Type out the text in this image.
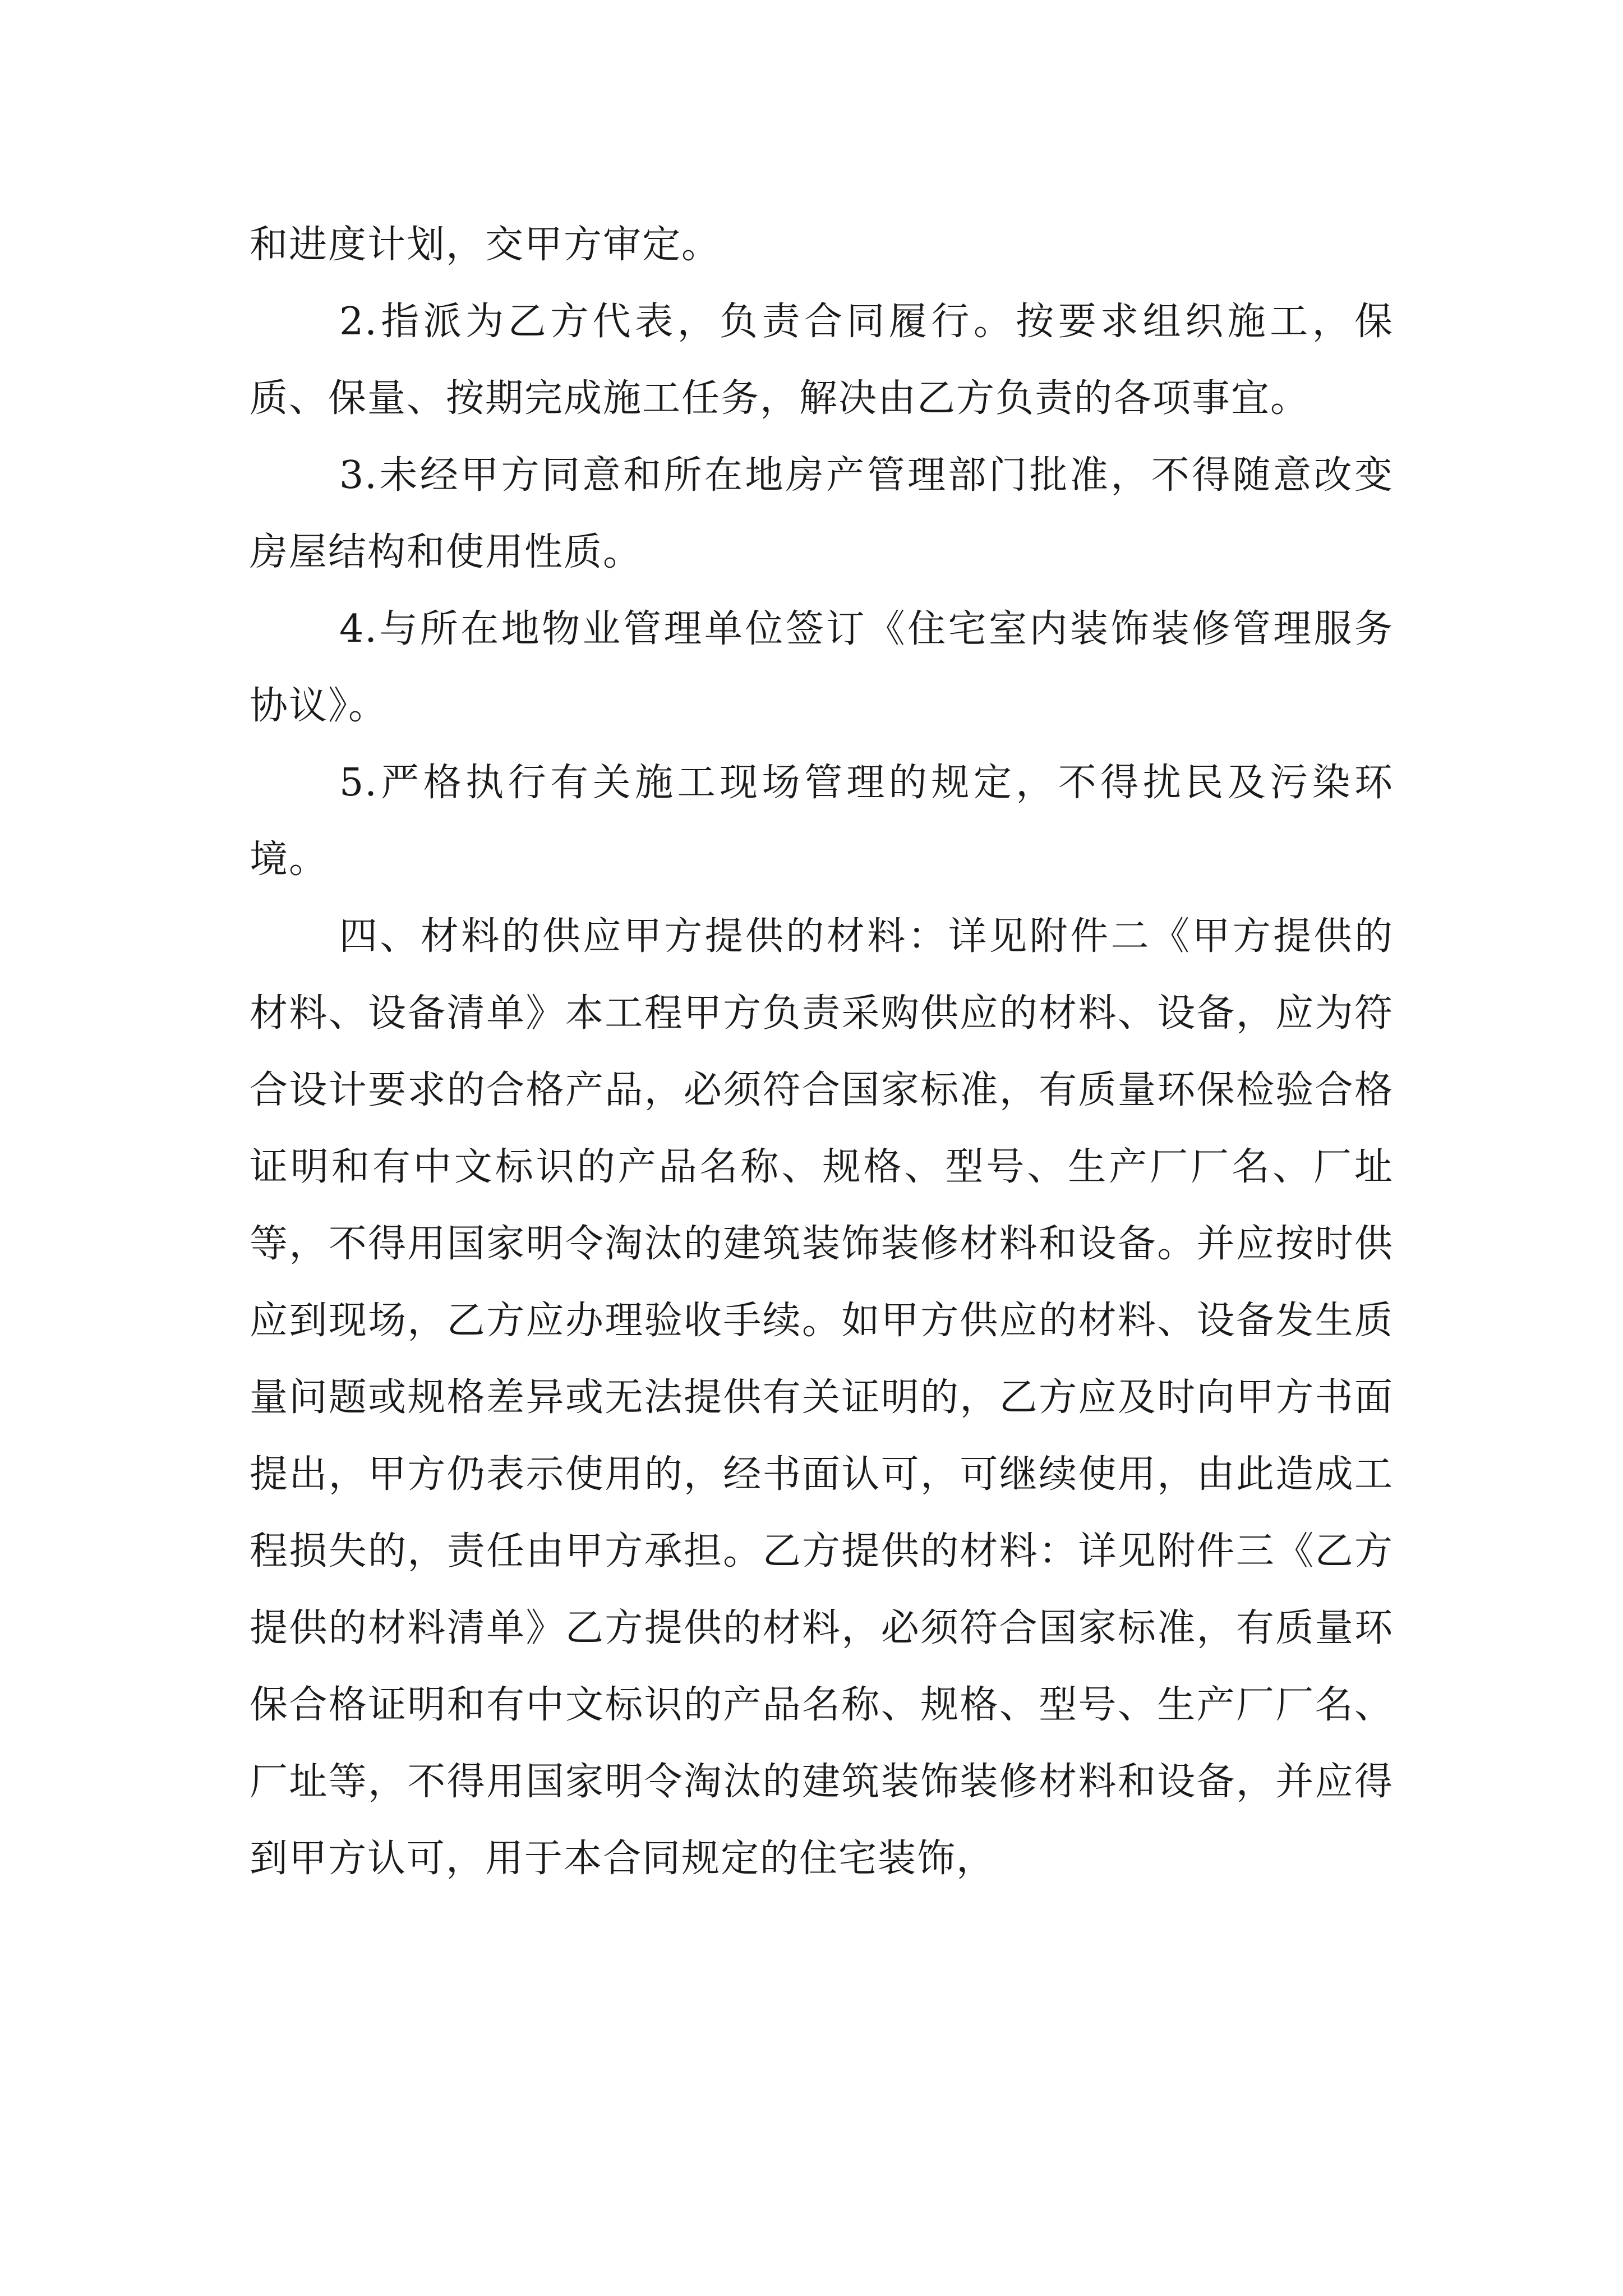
和进度计划，交甲方审定。

2.指派为乙方代表，负责合同履行。按要求组织施工，保质、保量、按期完成施工任务，解决由乙方负责的各项事宜。

3.未经甲方同意和所在地房产管理部门批准，不得随意改变房屋结构和使用性质。

4.与所在地物业管理单位签订《住宅室内装饰装修管理服务协议》。

5.严格执行有关施工现场管理的规定，不得扰民及污染环境。

四、材料的供应甲方提供的材料：详见附件二《甲方提供的材料、设备清单》本工程甲方负责采购供应的材料、设备，应为符合设计要求的合格产品，必须符合国家标准，有质量环保检验合格证明和有中文标识的产品名称、规格、型号、生产厂厂名、厂址等，不得用国家明令淘汰的建筑装饰装修材料和设备。并应按时供应到现场，乙方应办理验收手续。如甲方供应的材料、设备发生质量问题或规格差异或无法提供有关证明的，乙方应及时向甲方书面提出，甲方仍表示使用的，经书面认可，可继续使用，由此造成工程损失的，责任由甲方承担。乙方提供的材料：详见附件三《乙方提供的材料清单》乙方提供的材料，必须符合国家标准，有质量环保合格证明和有中文标识的产品名称、规格、型号、生产厂厂名、厂址等，不得用国家明令淘汰的建筑装饰装修材料和设备，并应得到甲方认可，用于本合同规定的住宅装饰，
